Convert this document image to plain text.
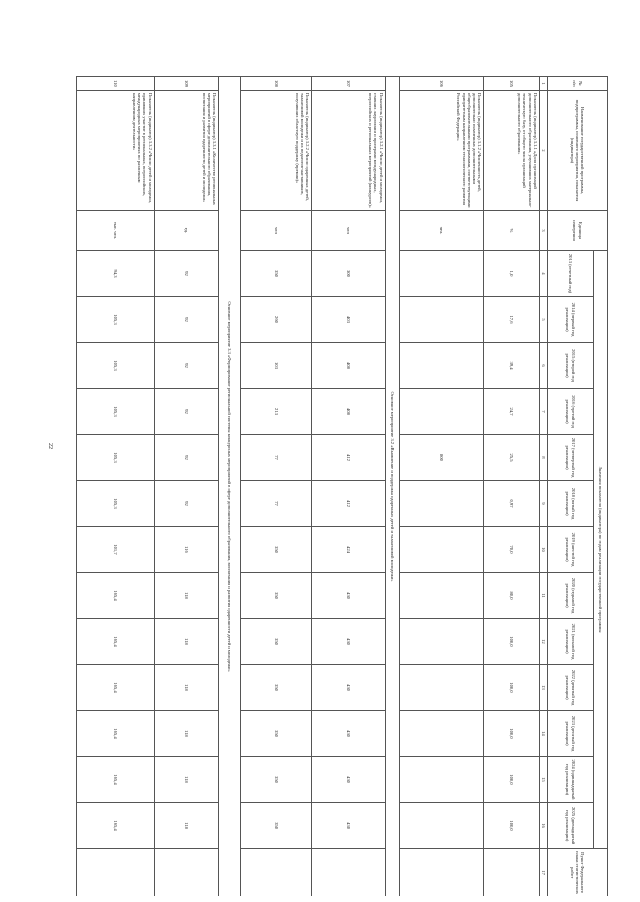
22
№ п/п	Наименование государственной программы, подпрограммы, основного мероприятия, показателя (индикатора)	Единица измерения	Значения показателя (индикатора) по годам реализации государственной программы													Пункт Федерального плана статистических работ
			2013 (отчетный год)	2014 (первый год реализации)	2015 (второй год реализации)	2016 (третий год реализации)	2017 (четвертый год реализации)	2018 (пятый год реализации)	2019 (шестой год реализации)	2020 (седьмой год реализации)	2021 (восьмой год реализации)	2022 (девятый год реализации)	2023 (десятый год реализации)	2024 (одиннадцатый год реализации)	2025 (двенадцатый год реализации)	
1	2	3	4	5	6	7	8	9	10	11	12	13	14	15	16	17
105	Показатель (индикатор) 3.1.1 «Доля организаций дополнительного образования, улучшивших материально-техническую базу, от общего числа организаций дополнительного образования»	%	1,0	17,6	39,4	24,7	25,5	0,97	70,0	80,0	100,0	100,0	100,0	100,0	100,0	
106	Показатель (индикатор) 3.1.2 «Численность детей, дополнительно охваченных дополнительными общеобразовательными программами, соответствующими приоритетным направлениям технологического развития Российской Федерации»	чел.					800									
Основное мероприятие 3.2 «Выявление и поддержка одаренных детей и талантливой молодежи»																
107	Показатель (индикатор) 3.2.1 «Число детей и молодежи, ставших лауреатами и призерами международных, всероссийских и региональных мероприятий (конкурсов)»	чел	300	403	408	408	412	412	424	430	430	430	430	430	430	
108	Показатель (индикатор) 3.2.2 «Число одаренных детей, талантливой молодежи и их педагогов-наставников, получивших областную поддержку (премии)»	чел	350	260	103	213	77	77	350	350	350	350	350	350	350	
Основное мероприятие 3.3 «Формирование региональной системы конкурсных мероприятий в сфере дополнительного образования, воспитания и развития одаренности детей и молодежи»																
109	Показатель (индикатор) 3.3.1 «Количество региональных мероприятий в сфере дополнительного образования, воспитания и развития одаренности детей и молодежи»	ед.	92	92	92	92	92	92	116	118	118	118	118	118	118	
110	Показатель (индикатор) 3.3.2 «Число детей и молодежи, принявших участие в региональных, всероссийских, международных мероприятиях по различным направлениям деятельности»	тыс. чел.	94,3	105,3	105,3	105,3	105,3	105,3	101,7	165,4	165,4	165,4	165,4	165,4	165,4	
